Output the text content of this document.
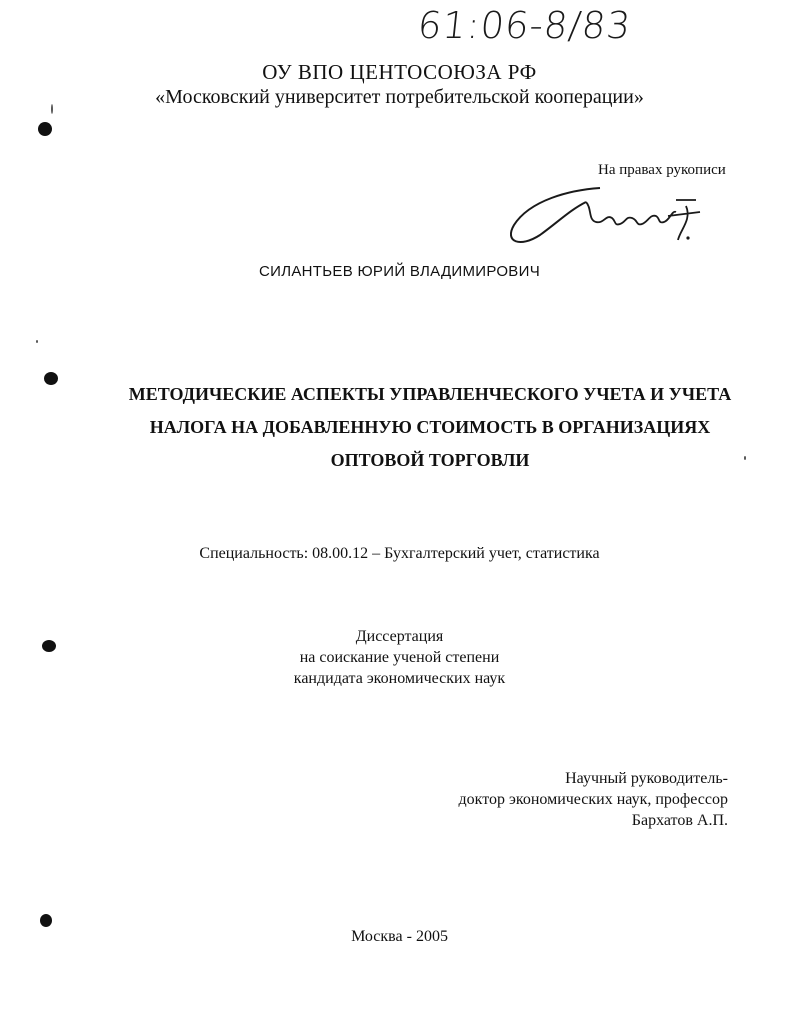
61:06-8/83
ОУ ВПО ЦЕНТОСОЮЗА РФ
«Московский университет потребительской кооперации»
На правах рукописи
СИЛАНТЬЕВ ЮРИЙ ВЛАДИМИРОВИЧ
МЕТОДИЧЕСКИЕ АСПЕКТЫ УПРАВЛЕНЧЕСКОГО УЧЕТА И УЧЕТА
НАЛОГА НА ДОБАВЛЕННУЮ СТОИМОСТЬ В ОРГАНИЗАЦИЯХ
ОПТОВОЙ ТОРГОВЛИ
Специальность: 08.00.12 – Бухгалтерский учет, статистика
Диссертация
на соискание ученой степени
кандидата экономических наук
Научный руководитель-
доктор экономических наук, профессор
Бархатов А.П.
Москва - 2005
